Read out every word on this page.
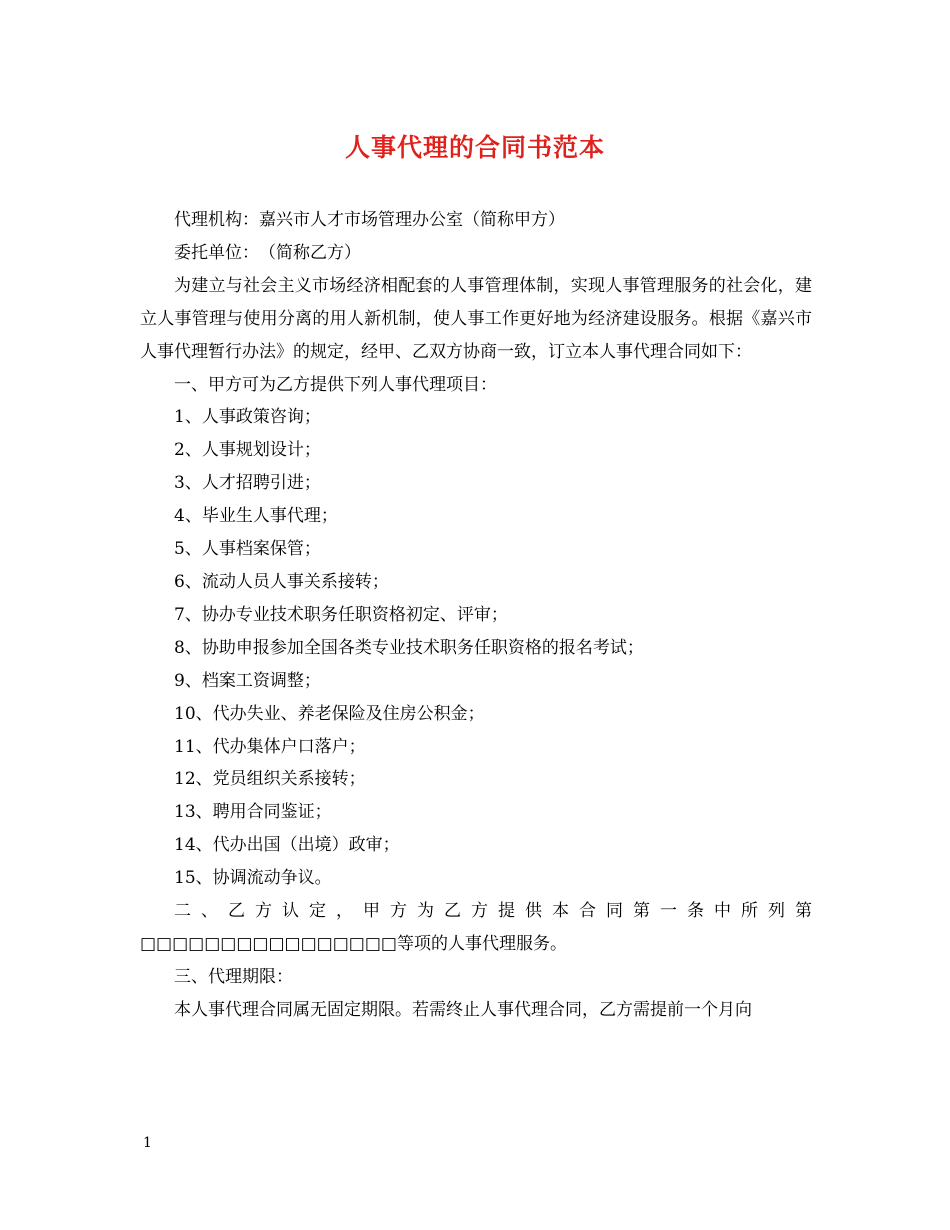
人事代理的合同书范本

代理机构：嘉兴市人才市场管理办公室（简称甲方）

委托单位：　（简称乙方）

为建立与社会主义市场经济相配套的人事管理体制，实现人事管理服务的社会化，建立人事管理与使用分离的用人新机制，使人事工作更好地为经济建设服务。根据《嘉兴市人事代理暂行办法》的规定，经甲、乙双方协商一致，订立本人事代理合同如下：

一、甲方可为乙方提供下列人事代理项目：

1、人事政策咨询；

2、人事规划设计；

3、人才招聘引进；

4、毕业生人事代理；

5、人事档案保管；

6、流动人员人事关系接转；

7、协办专业技术职务任职资格初定、评审；

8、协助申报参加全国各类专业技术职务任职资格的报名考试；

9、档案工资调整；

10、代办失业、养老保险及住房公积金；

11、代办集体户口落户；

12、党员组织关系接转；

13、聘用合同鉴证；

14、代办出国（出境）政审；

15、协调流动争议。

二、乙方认定，甲方为乙方提供本合同第一条中所列第□□□□□□□□□□□□□□□□等项的人事代理服务。

三、代理期限：

本人事代理合同属无固定期限。若需终止人事代理合同，乙方需提前一个月向

1
